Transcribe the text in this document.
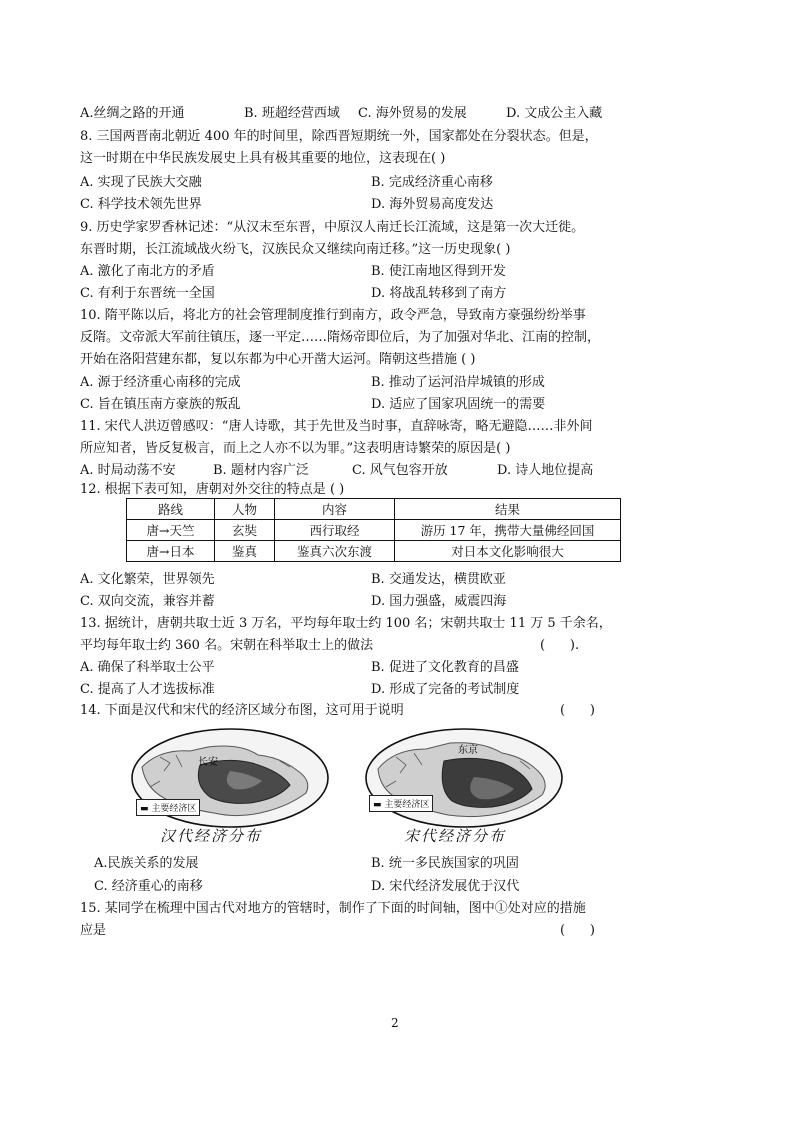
A.丝绸之路的开通	B. 班超经营西域 C. 海外贸易的发展	D. 文成公主入藏
8. 三国两晋南北朝近 400 年的时间里，除西晋短期统一外，国家都处在分裂状态。但是，
这一时期在中华民族发展史上具有极其重要的地位，这表现在( )
A. 实现了民族大交融	B. 完成经济重心南移
C. 科学技术领先世界	D. 海外贸易高度发达
9. 历史学家罗香林记述：“从汉末至东晋，中原汉人南迁长江流域，这是第一次大迁徙。
东晋时期，长江流域战火纷飞，汉族民众又继续向南迁移。”这一历史现象( )
A. 激化了南北方的矛盾	B. 使江南地区得到开发
C. 有利于东晋统一全国	D. 将战乱转移到了南方
10. 隋平陈以后，将北方的社会管理制度推行到南方，政令严急，导致南方豪强纷纷举事
反隋。文帝派大军前往镇压，逐一平定……隋炀帝即位后，为了加强对华北、江南的控制，
开始在洛阳营建东都，复以东都为中心开凿大运河。隋朝这些措施 ( )
A. 源于经济重心南移的完成	B. 推动了运河沿岸城镇的形成
C. 旨在镇压南方豪族的叛乱	D. 适应了国家巩固统一的需要
11. 宋代人洪迈曾感叹：“唐人诗歌，其于先世及当时事，直辞咏寄，略无避隐……非外间
所应知者，皆反复极言，而上之人亦不以为罪。”这表明唐诗繁荣的原因是( )
A. 时局动荡不安	B. 题材内容广泛	C. 风气包容开放	D. 诗人地位提高
12. 根据下表可知，唐朝对外交往的特点是 ( )
路线	人物	内容	结果
唐→天竺	玄奘	西行取经	游历 17 年，携带大量佛经回国
唐→日本	鉴真	鉴真六次东渡	对日本文化影响很大
A. 文化繁荣，世界领先	B. 交通发达，横贯欧亚
C. 双向交流，兼容并蓄	D. 国力强盛，威震四海
13. 据统计，唐朝共取士近 3 万名，平均每年取士约 100 名；宋朝共取士 11 万 5 千余名，
平均每年取士约 360 名。宋朝在科举取士上的做法	(      ).
A. 确保了科举取士公平	B. 促进了文化教育的昌盛
C. 提高了人才选拔标准	D. 形成了完备的考试制度
14. 下面是汉代和宋代的经济区域分布图，这可用于说明	(      )
▬ 主要经济区
长安
汉代经济分布
▬ 主要经济区
东京
宋代经济分布
A.民族关系的发展	B. 统一多民族国家的巩固
C. 经济重心的南移	D. 宋代经济发展优于汉代
15. 某同学在梳理中国古代对地方的管辖时，制作了下面的时间轴，图中①处对应的措施
应是	(      )
2
